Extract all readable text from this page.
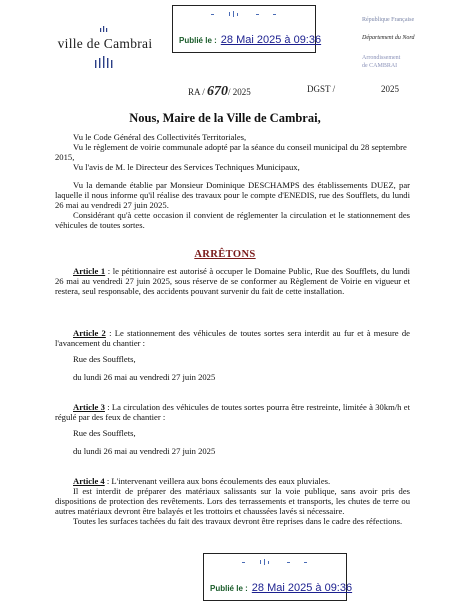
ville de Cambrai	Publié le : 28 Mai 2025 à 09:36
République Française
Département du Nord
Arrondissement
de CAMBRAI
RA / 670/ 2025	DGST /	2025
Nous, Maire de la Ville de Cambrai,

Vu le Code Général des Collectivités Territoriales,

Vu le règlement de voirie communale adopté par la séance du conseil municipal du 28 septembre 2015,

Vu l'avis de M. le Directeur des Services Techniques Municipaux,

Vu la demande établie par Monsieur Dominique DESCHAMPS des établissements DUEZ, par laquelle il nous informe qu'il réalise des travaux pour le compte d'ENEDIS, rue des Soufflets, du lundi 26 mai au vendredi 27 juin 2025.

Considérant qu'à cette occasion il convient de réglementer la circulation et le stationnement des véhicules de toutes sortes.

ARRÊTONS

Article 1 : le pétitionnaire est autorisé à occuper le Domaine Public, Rue des Soufflets, du lundi 26 mai au vendredi 27 juin 2025, sous réserve de se conformer au Règlement de Voirie en vigueur et restera, seul responsable, des accidents pouvant survenir du fait de cette installation.

Article 2 : Le stationnement des véhicules de toutes sortes sera interdit au fur et à mesure de l'avancement du chantier :

Rue des Soufflets,

du lundi 26 mai au vendredi 27 juin 2025

Article 3 : La circulation des véhicules de toutes sortes pourra être restreinte, limitée à 30km/h et régulé par des feux de chantier :

Rue des Soufflets,

du lundi 26 mai au vendredi 27 juin 2025

Article 4 : L'intervenant veillera aux bons écoulements des eaux pluviales.

Il est interdit de préparer des matériaux salissants sur la voie publique, sans avoir pris des dispositions de protection des revêtements. Lors des terrassements et transports, les chutes de terre ou autres matériaux devront être balayés et les trottoirs et chaussées lavés si nécessaire.

Toutes les surfaces tachées du fait des travaux devront être reprises dans le cadre des réfections.

Publié le : 28 Mai 2025 à 09:36
